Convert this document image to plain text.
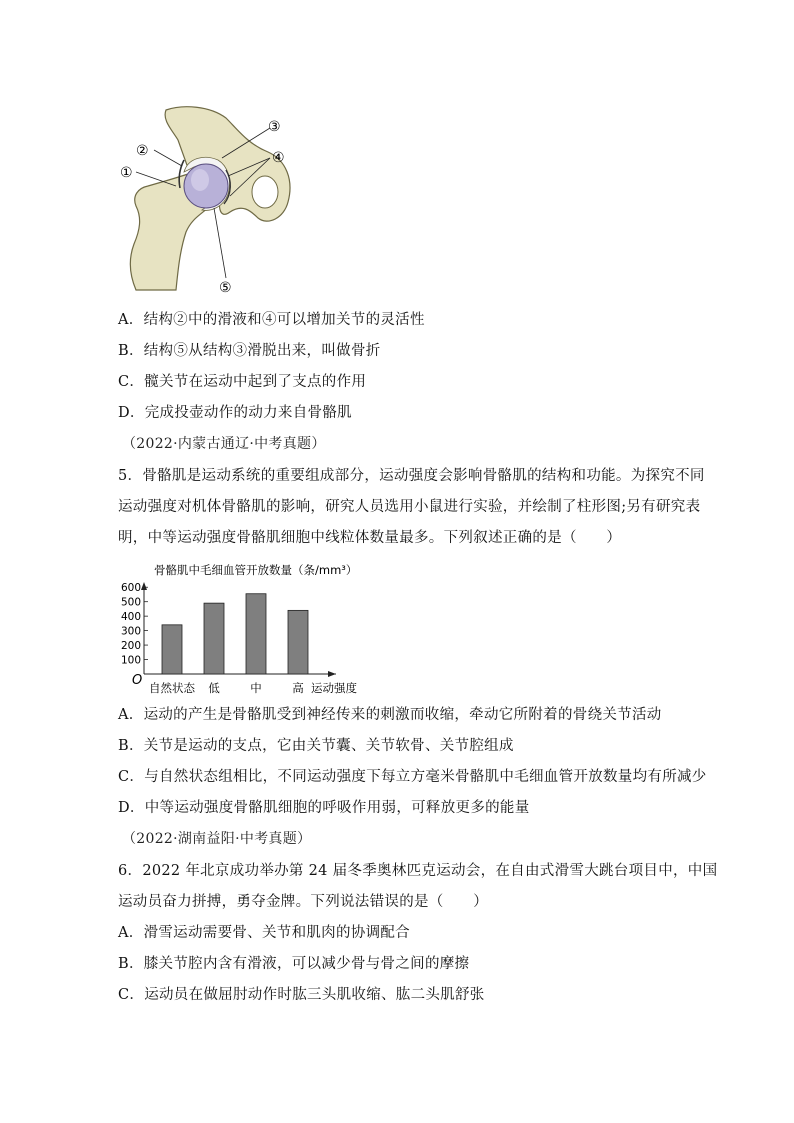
③
④
②
①
⑤
A．结构②中的滑液和④可以增加关节的灵活性
B．结构⑤从结构③滑脱出来，叫做骨折
C．髋关节在运动中起到了支点的作用
D．完成投壶动作的动力来自骨骼肌
（2022·内蒙古通辽·中考真题）
5．骨骼肌是运动系统的重要组成部分，运动强度会影响骨骼肌的结构和功能。为探究不同
运动强度对机体骨骼肌的影响，研究人员选用小鼠进行实验，并绘制了柱形图;另有研究表
明，中等运动强度骨骼肌细胞中线粒体数量最多。下列叙述正确的是（　　）
骨骼肌中毛细血管开放数量（条/mm³）
100
200
300
400
500
600
自然状态 低	中	高
O	运动强度
A．运动的产生是骨骼肌受到神经传来的刺激而收缩，牵动它所附着的骨绕关节活动
B．关节是运动的支点，它由关节囊、关节软骨、关节腔组成
C．与自然状态组相比，不同运动强度下每立方毫米骨骼肌中毛细血管开放数量均有所减少
D．中等运动强度骨骼肌细胞的呼吸作用弱，可释放更多的能量
（2022·湖南益阳·中考真题）
6．2022 年北京成功举办第 24 届冬季奥林匹克运动会，在自由式滑雪大跳台项目中，中国
运动员奋力拼搏，勇夺金牌。下列说法错误的是（　　）
A．滑雪运动需要骨、关节和肌肉的协调配合
B．膝关节腔内含有滑液，可以减少骨与骨之间的摩擦
C．运动员在做屈肘动作时肱三头肌收缩、肱二头肌舒张
